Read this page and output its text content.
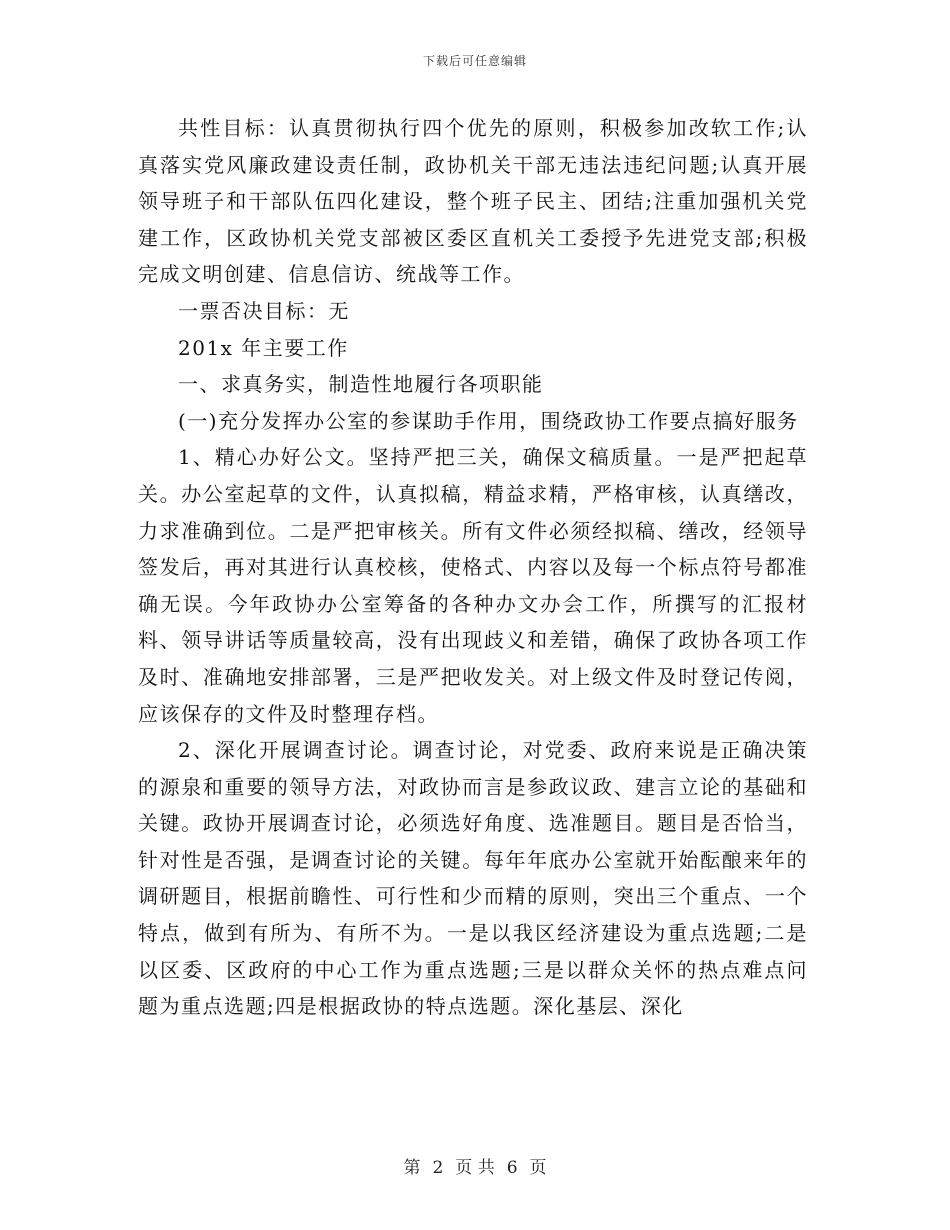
下载后可任意编辑

共性目标：认真贯彻执行四个优先的原则，积极参加改软工作;认真落实党风廉政建设责任制，政协机关干部无违法违纪问题;认真开展领导班子和干部队伍四化建设，整个班子民主、团结;注重加强机关党建工作，区政协机关党支部被区委区直机关工委授予先进党支部;积极完成文明创建、信息信访、统战等工作。

一票否决目标：无

201x 年主要工作

一、求真务实，制造性地履行各项职能

(一)充分发挥办公室的参谋助手作用，围绕政协工作要点搞好服务

1、精心办好公文。坚持严把三关，确保文稿质量。一是严把起草关。办公室起草的文件，认真拟稿，精益求精，严格审核，认真缮改，力求准确到位。二是严把审核关。所有文件必须经拟稿、缮改，经领导签发后，再对其进行认真校核，使格式、内容以及每一个标点符号都准确无误。今年政协办公室筹备的各种办文办会工作，所撰写的汇报材料、领导讲话等质量较高，没有出现歧义和差错，确保了政协各项工作及时、准确地安排部署，三是严把收发关。对上级文件及时登记传阅，应该保存的文件及时整理存档。

2、深化开展调查讨论。调查讨论，对党委、政府来说是正确决策的源泉和重要的领导方法，对政协而言是参政议政、建言立论的基础和关键。政协开展调查讨论，必须选好角度、选准题目。题目是否恰当，针对性是否强，是调查讨论的关键。每年年底办公室就开始酝酿来年的调研题目，根据前瞻性、可行性和少而精的原则，突出三个重点、一个特点，做到有所为、有所不为。一是以我区经济建设为重点选题;二是以区委、区政府的中心工作为重点选题;三是以群众关怀的热点难点问题为重点选题;四是根据政协的特点选题。深化基层、深化

第 2 页 共 6 页
